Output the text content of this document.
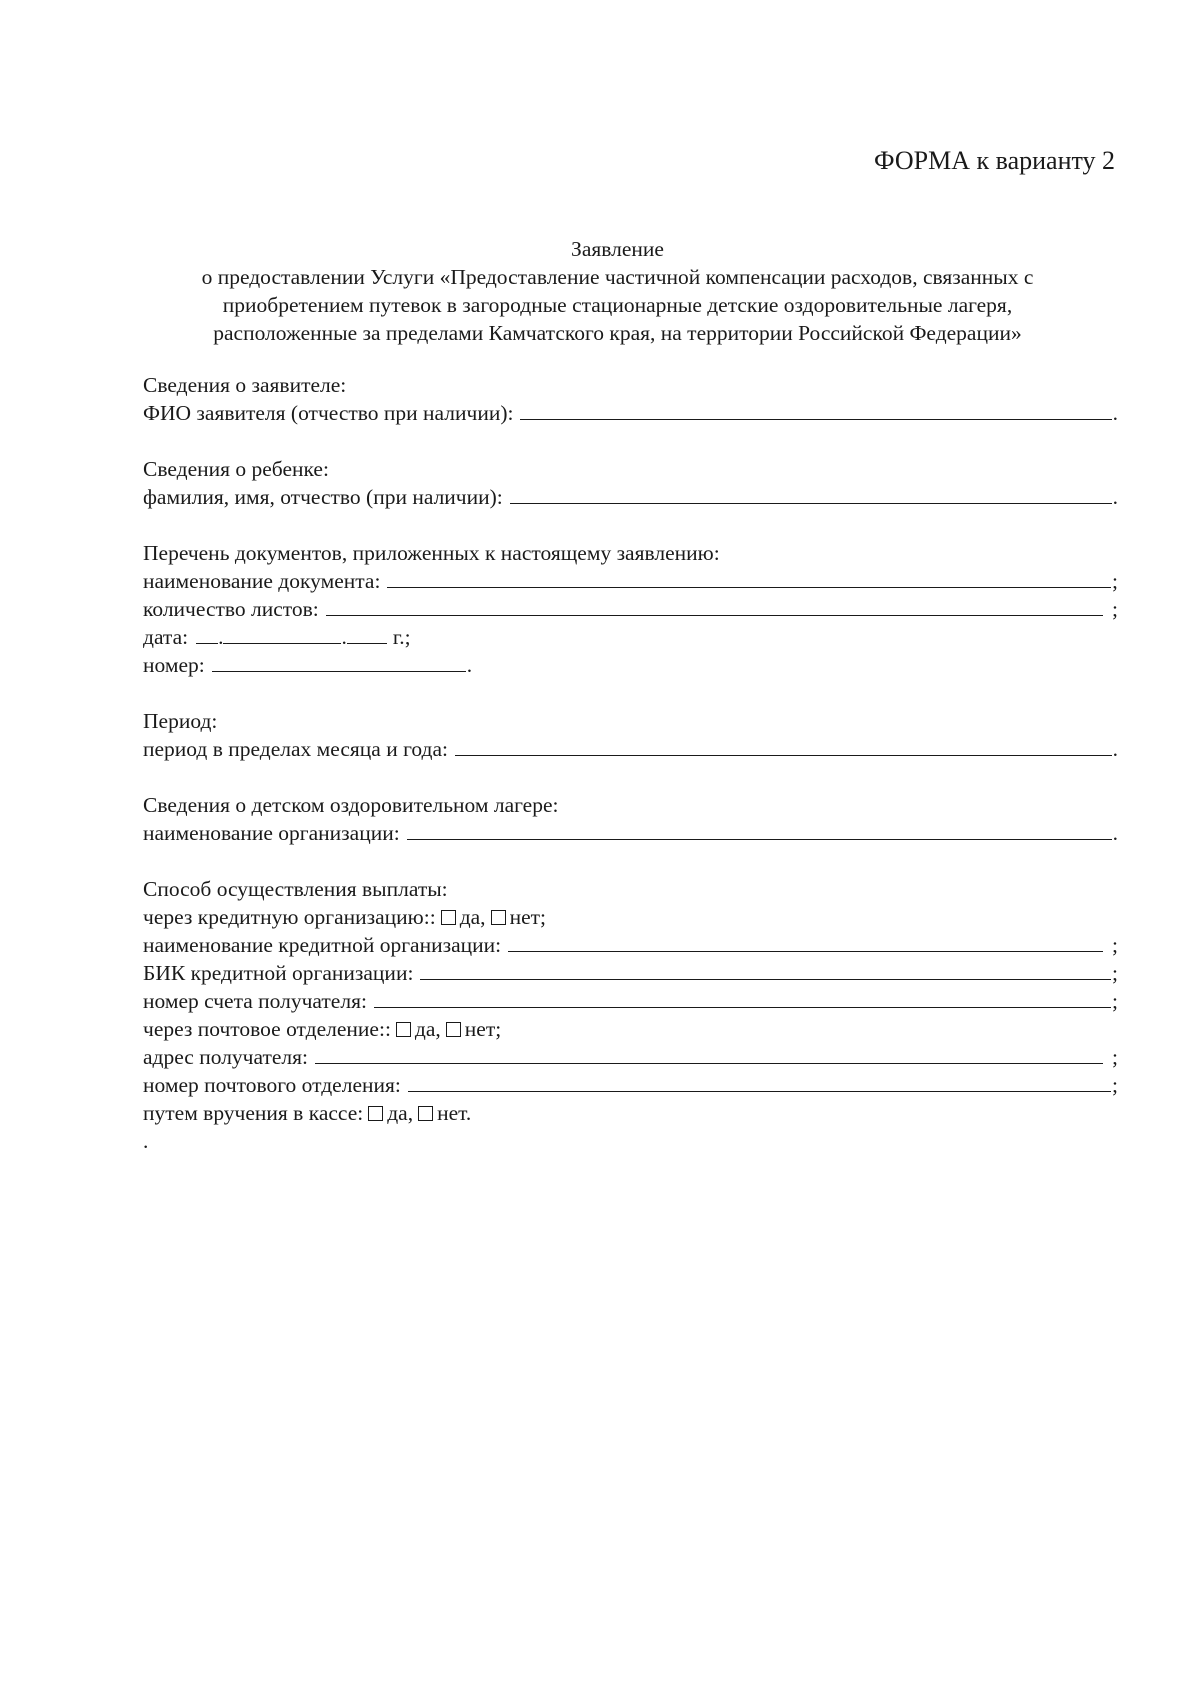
ФОРМА к варианту 2
Заявление
о предоставлении Услуги «Предоставление частичной компенсации расходов, связанных с
приобретением путевок в загородные стационарные детские оздоровительные лагеря,
расположенные за пределами Камчатского края, на территории Российской Федерации»
Сведения о заявителе:
ФИО заявителя (отчество при наличии):	.
Сведения о ребенке:
фамилия, имя, отчество (при наличии):	.
Перечень документов, приложенных к настоящему заявлению:
наименование документа:	;
количество листов:	;
дата: .	. г.;
номер:	.
Период:
период в пределах месяца и года:	.
Сведения о детском оздоровительном лагере:
наименование организации:	.
Способ осуществления выплаты:
через кредитную организацию:: да, нет;
наименование кредитной организации:	;
БИК кредитной организации:	;
номер счета получателя:	;
через почтовое отделение:: да, нет;
адрес получателя:	;
номер почтового отделения:	;
путем вручения в кассе: да, нет.
.
